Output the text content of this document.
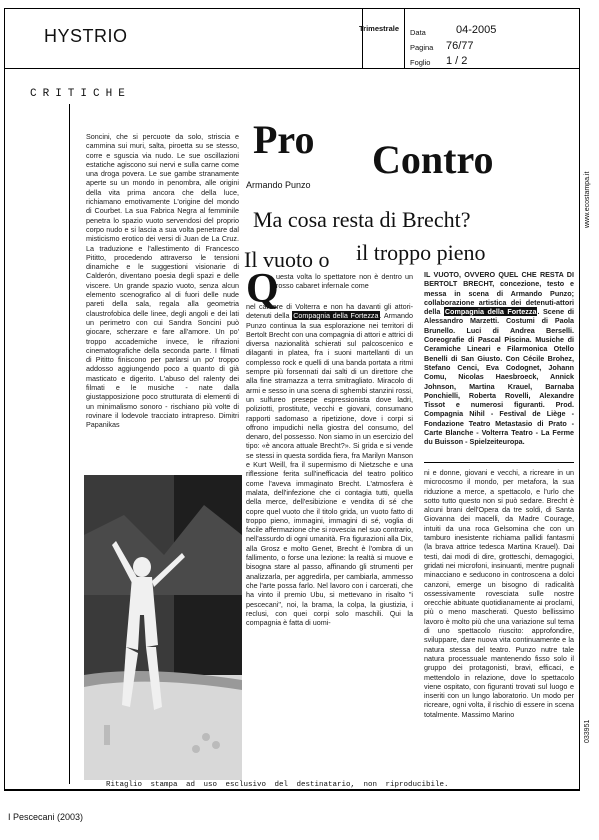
HYSTRIO	Trimestrale Data	04-2005
Pagina 76/77
Foglio 1 / 2
www.ecostampa.it
033951
CRITICHE
Pro Contro
Armando Punzo
Ma cosa resta di Brecht?
Il vuoto o il troppo pieno

Soncini, che si percuote da solo, striscia e cammina sui muri, salta, piroetta su se stesso, corre e sguscia via nudo. Le sue oscillazioni estatiche agiscono sui nervi e sulla carne come una droga povera. Le sue gambe stranamente aperte su un mondo in penombra, alle origini della vita prima ancora che della luce, richiamano emotivamente L'origine del mondo di Courbet. La sua Fabrica Negra al femminile penetra lo spazio vuoto servendosi del proprio corpo nudo e si lascia a sua volta penetrare dal misticismo erotico dei versi di Juan de La Cruz. La traduzione e l'allestimento di Francesco Pititto, procedendo attraverso le tensioni dinamiche e le suggestioni visionarie di Calderón, diventano poesia degli spazi e delle viscere. Un grande spazio vuoto, senza alcun elemento scenografico al di fuori delle nude pareti della sala, regala alla geometria claustrofobica delle linee, degli angoli e dei lati un perimetro con cui Sandra Soncini può giocare, scherzare e fare all'amore. Un po' troppo accademiche invece, le rifrazioni cinematografiche della seconda parte. I filmati di Pititto finiscono per parlarsi un po' troppo addosso aggiungendo poco a quanto di già masticato e digerito. L'abuso del ralenty dei filmati e le musiche - nate dalla giustapposizione poco strutturata di elementi di un minimalismo sonoro - rischiano più volte di rovinare il lodevole tracciato intrapreso. Dimitri Papanikas

Q

uesta volta lo spettatore non è dentro un rosso cabaret infernale come

nel carcere di Volterra e non ha davanti gli attori-detenuti della Compagnia della Fortezza. Armando Punzo continua la sua esplorazione nei territori di Bertolt Brecht con una compagnia di attori e attrici di diversa nazionalità schierati sul palcoscenico e dilaganti in platea, fra i suoni martellanti di un complesso rock e quelli di una banda portata a ritmi sempre più forsennati dai salti di un direttore che alla fine stramazza a terra smitragliato. Miracolo di armi e sesso in una scena di sghembi stanzini rossi, un sulfureo presepe espressionista dove ladri, poliziotti, prostitute, vecchi e giovani, consumano rapporti sadomaso a ripetizione, dove i corpi si offrono impudichi nella giostra del consumo, del denaro, del possesso. Non siamo in un esercizio del tipo: «è ancora attuale Brecht?». Si grida e si vende se stessi in questa sordida fiera, fra Marilyn Manson e Kurt Weill, fra il supermismo di Nietzsche e una riflessione ferita sull'inefficacia del teatro politico come l'aveva immaginato Brecht. L'atmosfera è malata, dell'infezione che ci contagia tutti, quella della merce, dell'esibizione e vendita di sé che copre quel vuoto che il titolo grida, un vuoto fatto di troppo pieno, immagini, immagini di sé, voglia di facile affermazione che si rovescia nel suo contrario, nell'assurdo di ogni umanità. Fra figurazioni alla Dix, alla Grosz e molto Genet, Brecht è l'ombra di un fallimento, o forse una lezione: la realtà si muove e bisogna stare al passo, affinando gli strumenti per analizzarla, per aggredirla, per cambiarla, ammesso che l'arte possa farlo. Nel lavoro con i carcerati, che ha vinto il premio Ubu, si mettevano in risalto "i pescecani", noi, la brama, la colpa, la giustizia, i reclusi, con quei corpi solo maschili. Qui la compagnia è fatta di uomi-

IL VUOTO, OVVERO QUEL CHE RESTA DI BERTOLT BRECHT, concezione, testo e messa in scena di Armando Punzo; collaborazione artistica dei detenuti-attori della Compagnia della Fortezza. Scene di Alessandro Marzetti. Costumi di Paola Brunello. Luci di Andrea Berselli. Coreografie di Pascal Piscina. Musiche di Ceramiche Lineari e Filarmonica Otello Benelli di San Giusto. Con Cécile Brohez, Stefano Cenci, Eva Codognet, Johann Comu, Nicolas Haesbroeck, Annick Johnson, Martina Krauel, Barnaba Ponchielli, Roberta Rovelli, Alexandre Tissot e numerosi figuranti. Prod. Compagnia Nihil - Festival de Liège - Fondazione Teatro Metastasio di Prato - Carte Blanche - Volterra Teatro - La Ferme du Buisson - Spielzeiteuropa.

ni e donne, giovani e vecchi, a ricreare in un microcosmo il mondo, per metafora, la sua riduzione a merce, a spettacolo, e l'urlo che sotto tutto questo non si può sedare. Brecht è alcuni brani dell'Opera da tre soldi, di Santa Giovanna dei macelli, da Madre Courage, intuiti da una roca Gelsomina che con un tamburo inesistente richiama pallidi fantasmi (la brava attrice tedesca Martina Krauel). Dai testi, dai modi di dire, grotteschi, demagogici, gridati nei microfoni, insinuanti, mentre pugnali minacciano e seducono in controscena a dolci canzoni, emerge un bisogno di radicalità ossessivamente rovesciata sulle nostre orecchie abituate quotidianamente ai proclami, più o meno mascherati. Questo bellissimo lavoro è molto più che una variazione sul tema di uno spettacolo riuscito: approfondire, sviluppare, dare nuova vita continuamente e la natura stessa del teatro. Punzo nutre tale natura processuale mantenendo fisso solo il gruppo dei protagonisti, bravi, efficaci, e mettendolo in relazione, dove lo spettacolo viene ospitato, con figuranti trovati sul luogo e inseriti con un lungo laboratorio. Un modo per ricreare, ogni volta, il rischio di essere in scena totalmente. Massimo Marino

Ritaglio stampa ad uso esclusivo del destinatario, non riproducibile.
I Pescecani (2003)
